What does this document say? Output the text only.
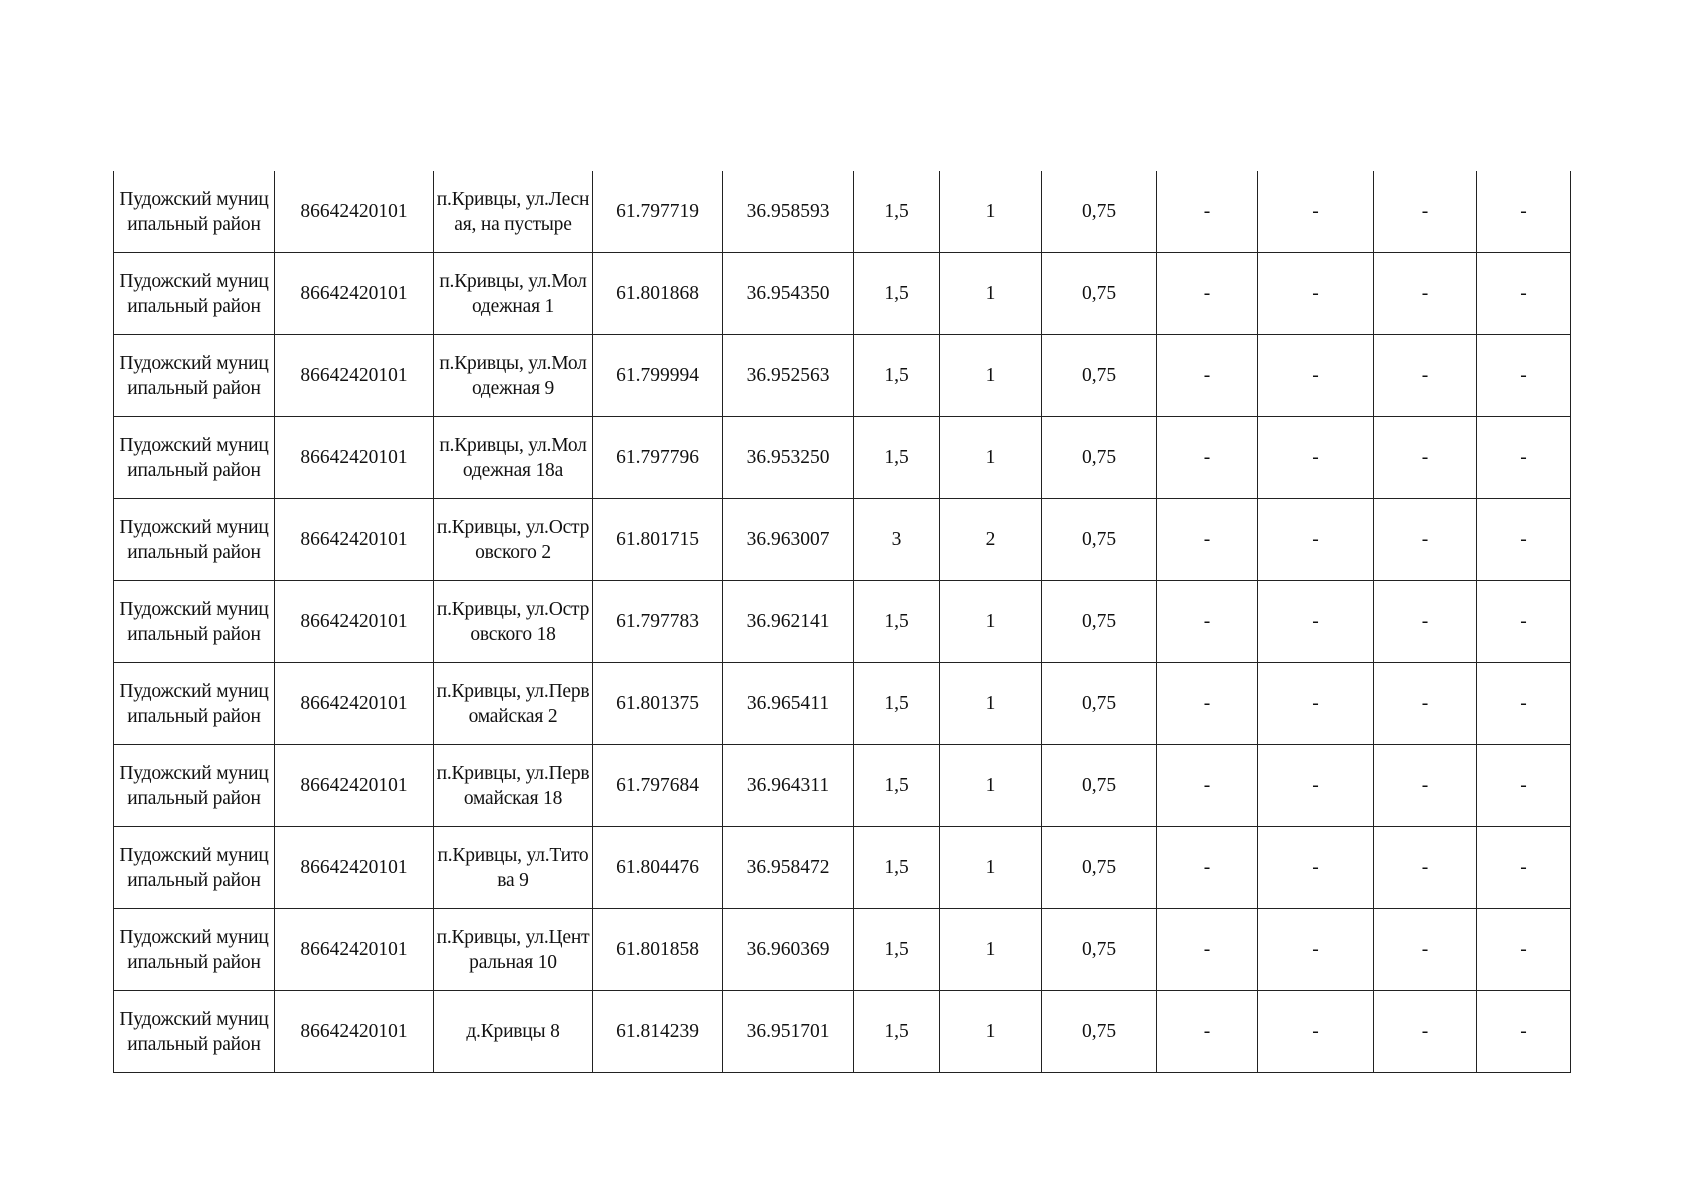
Пудожский муниципальный район	86642420101	п.Кривцы, ул.Лесная, на пустыре	61.797719	36.958593	1,5	1	0,75	-	-	-	-
Пудожский муниципальный район	86642420101	п.Кривцы, ул.Молодежная 1	61.801868	36.954350	1,5	1	0,75	-	-	-	-
Пудожский муниципальный район	86642420101	п.Кривцы, ул.Молодежная 9	61.799994	36.952563	1,5	1	0,75	-	-	-	-
Пудожский муниципальный район	86642420101	п.Кривцы, ул.Молодежная 18а	61.797796	36.953250	1,5	1	0,75	-	-	-	-
Пудожский муниципальный район	86642420101	п.Кривцы, ул.Островского 2	61.801715	36.963007	3	2	0,75	-	-	-	-
Пудожский муниципальный район	86642420101	п.Кривцы, ул.Островского 18	61.797783	36.962141	1,5	1	0,75	-	-	-	-
Пудожский муниципальный район	86642420101	п.Кривцы, ул.Первомайская 2	61.801375	36.965411	1,5	1	0,75	-	-	-	-
Пудожский муниципальный район	86642420101	п.Кривцы, ул.Первомайская 18	61.797684	36.964311	1,5	1	0,75	-	-	-	-
Пудожский муниципальный район	86642420101	п.Кривцы, ул.Титова 9	61.804476	36.958472	1,5	1	0,75	-	-	-	-
Пудожский муниципальный район	86642420101	п.Кривцы, ул.Центральная 10	61.801858	36.960369	1,5	1	0,75	-	-	-	-
Пудожский муниципальный район	86642420101	д.Кривцы 8	61.814239	36.951701	1,5	1	0,75	-	-	-	-
